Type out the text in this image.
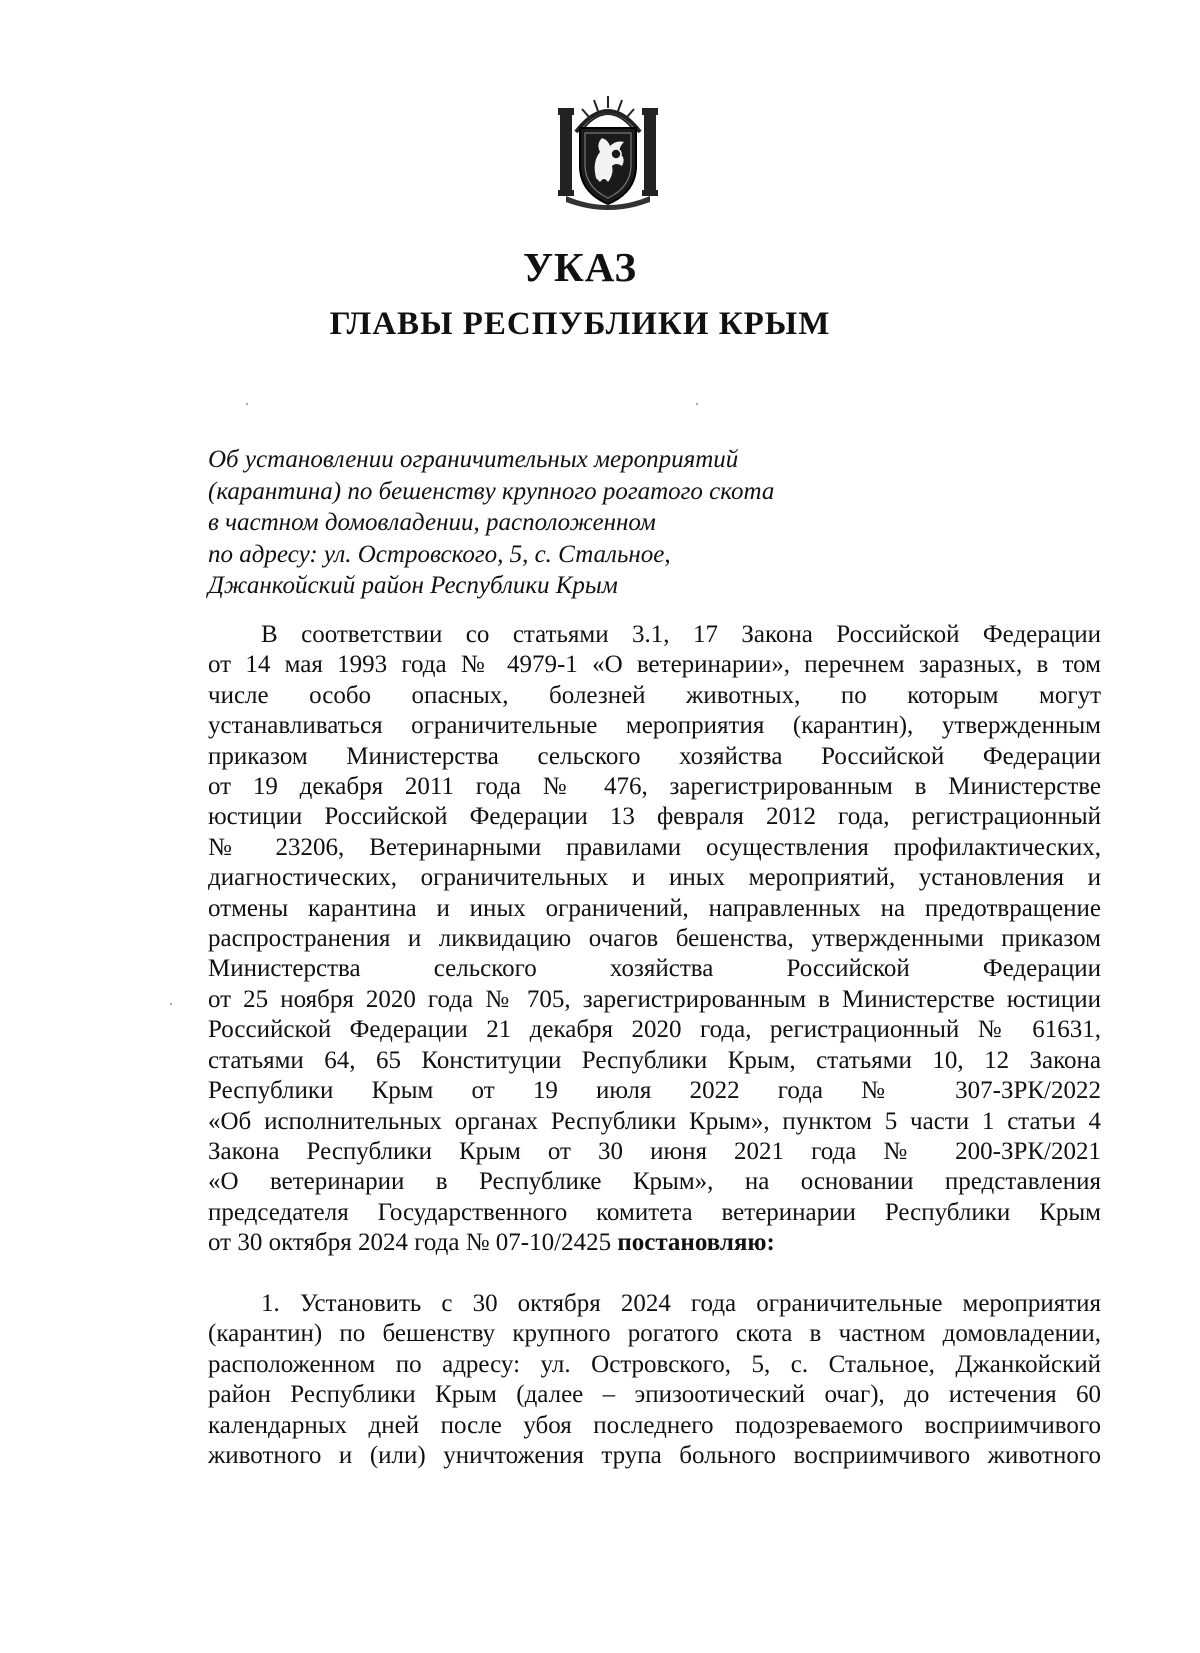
УКАЗ
ГЛАВЫ РЕСПУБЛИКИ КРЫМ
Об установлении ограничительных мероприятий
(карантина) по бешенству крупного рогатого скота
в частном домовладении, расположенном
по адресу: ул. Островского, 5, с. Стальное,
Джанкойский район Республики Крым
В соответствии со статьями 3.1, 17 Закона Российской Федерации
от 14 мая 1993 года № 4979-1 «О ветеринарии», перечнем заразных, в том
числе особо опасных, болезней животных, по которым могут
устанавливаться ограничительные мероприятия (карантин), утвержденным
приказом Министерства сельского хозяйства Российской Федерации
от 19 декабря 2011 года № 476, зарегистрированным в Министерстве
юстиции Российской Федерации 13 февраля 2012 года, регистрационный
№ 23206, Ветеринарными правилами осуществления профилактических,
диагностических, ограничительных и иных мероприятий, установления и
отмены карантина и иных ограничений, направленных на предотвращение
распространения и ликвидацию очагов бешенства, утвержденными приказом
Министерства сельского хозяйства Российской Федерации
от 25 ноября 2020 года № 705, зарегистрированным в Министерстве юстиции
Российской Федерации 21 декабря 2020 года, регистрационный № 61631,
статьями 64, 65 Конституции Республики Крым, статьями 10, 12 Закона
Республики Крым от 19 июля 2022 года № 307-ЗРК/2022
«Об исполнительных органах Республики Крым», пунктом 5 части 1 статьи 4
Закона Республики Крым от 30 июня 2021 года № 200-ЗРК/2021
«О ветеринарии в Республике Крым», на основании представления
председателя Государственного комитета ветеринарии Республики Крым
от 30 октября 2024 года № 07-10/2425 постановляю:
1. Установить с 30 октября 2024 года ограничительные мероприятия
(карантин) по бешенству крупного рогатого скота в частном домовладении,
расположенном по адресу: ул. Островского, 5, с. Стальное, Джанкойский
район Республики Крым (далее – эпизоотический очаг), до истечения 60
календарных дней после убоя последнего подозреваемого восприимчивого
животного и (или) уничтожения трупа больного восприимчивого животного
